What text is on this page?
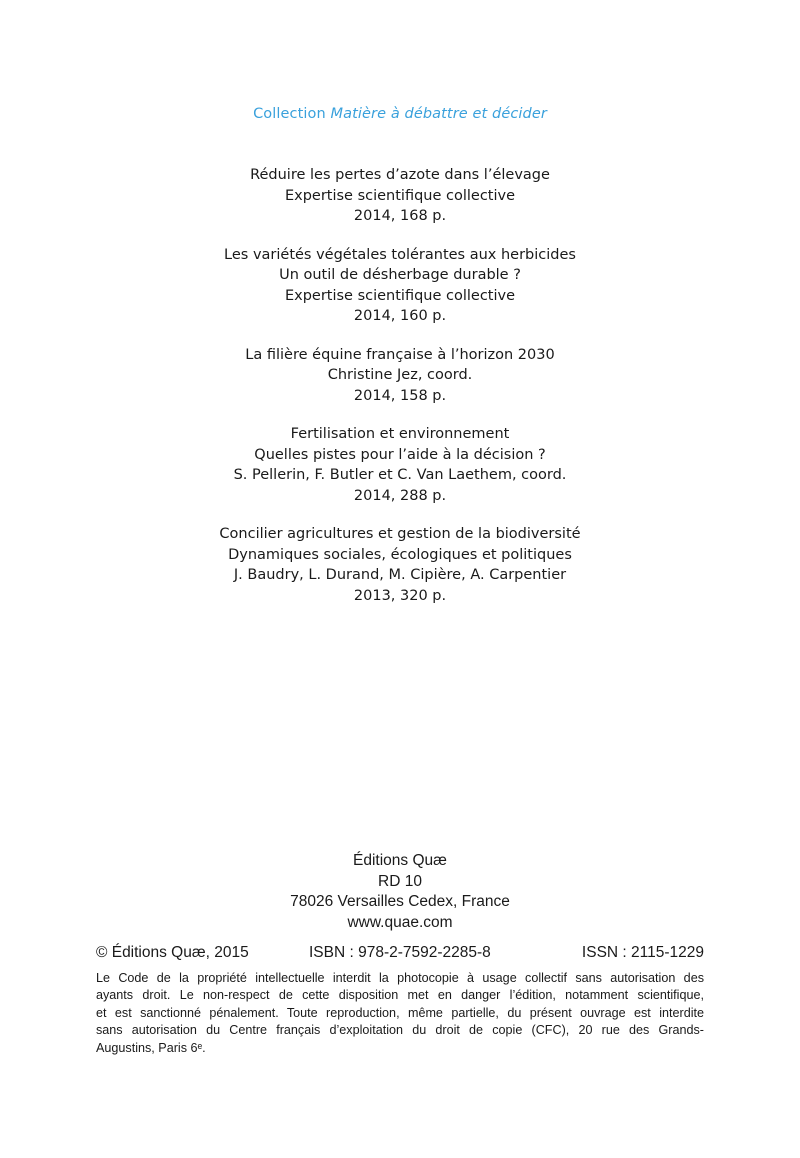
Collection Matière à débattre et décider
Réduire les pertes d’azote dans l’élevage
Expertise scientifique collective
2014, 168 p.
Les variétés végétales tolérantes aux herbicides
Un outil de désherbage durable ?
Expertise scientifique collective
2014, 160 p.
La filière équine française à l’horizon 2030
Christine Jez, coord.
2014, 158 p.
Fertilisation et environnement
Quelles pistes pour l’aide à la décision ?
S. Pellerin, F. Butler et C. Van Laethem, coord.
2014, 288 p.
Concilier agricultures et gestion de la biodiversité
Dynamiques sociales, écologiques et politiques
J. Baudry, L. Durand, M. Cipière, A. Carpentier
2013, 320 p.
Éditions Quæ
RD 10
78026 Versailles Cedex, France
www.quae.com
© Éditions Quæ, 2015	ISBN : 978-2-7592-2285-8	ISSN : 2115-1229
Le Code de la propriété intellectuelle interdit la photocopie à usage collectif sans autorisation des
ayants droit. Le non-respect de cette disposition met en danger l’édition, notamment scientifique,
et est sanctionné pénalement. Toute reproduction, même partielle, du présent ouvrage est interdite
sans autorisation du Centre français d’exploitation du droit de copie (CFC), 20 rue des Grands-
Augustins, Paris 6ᵉ.
